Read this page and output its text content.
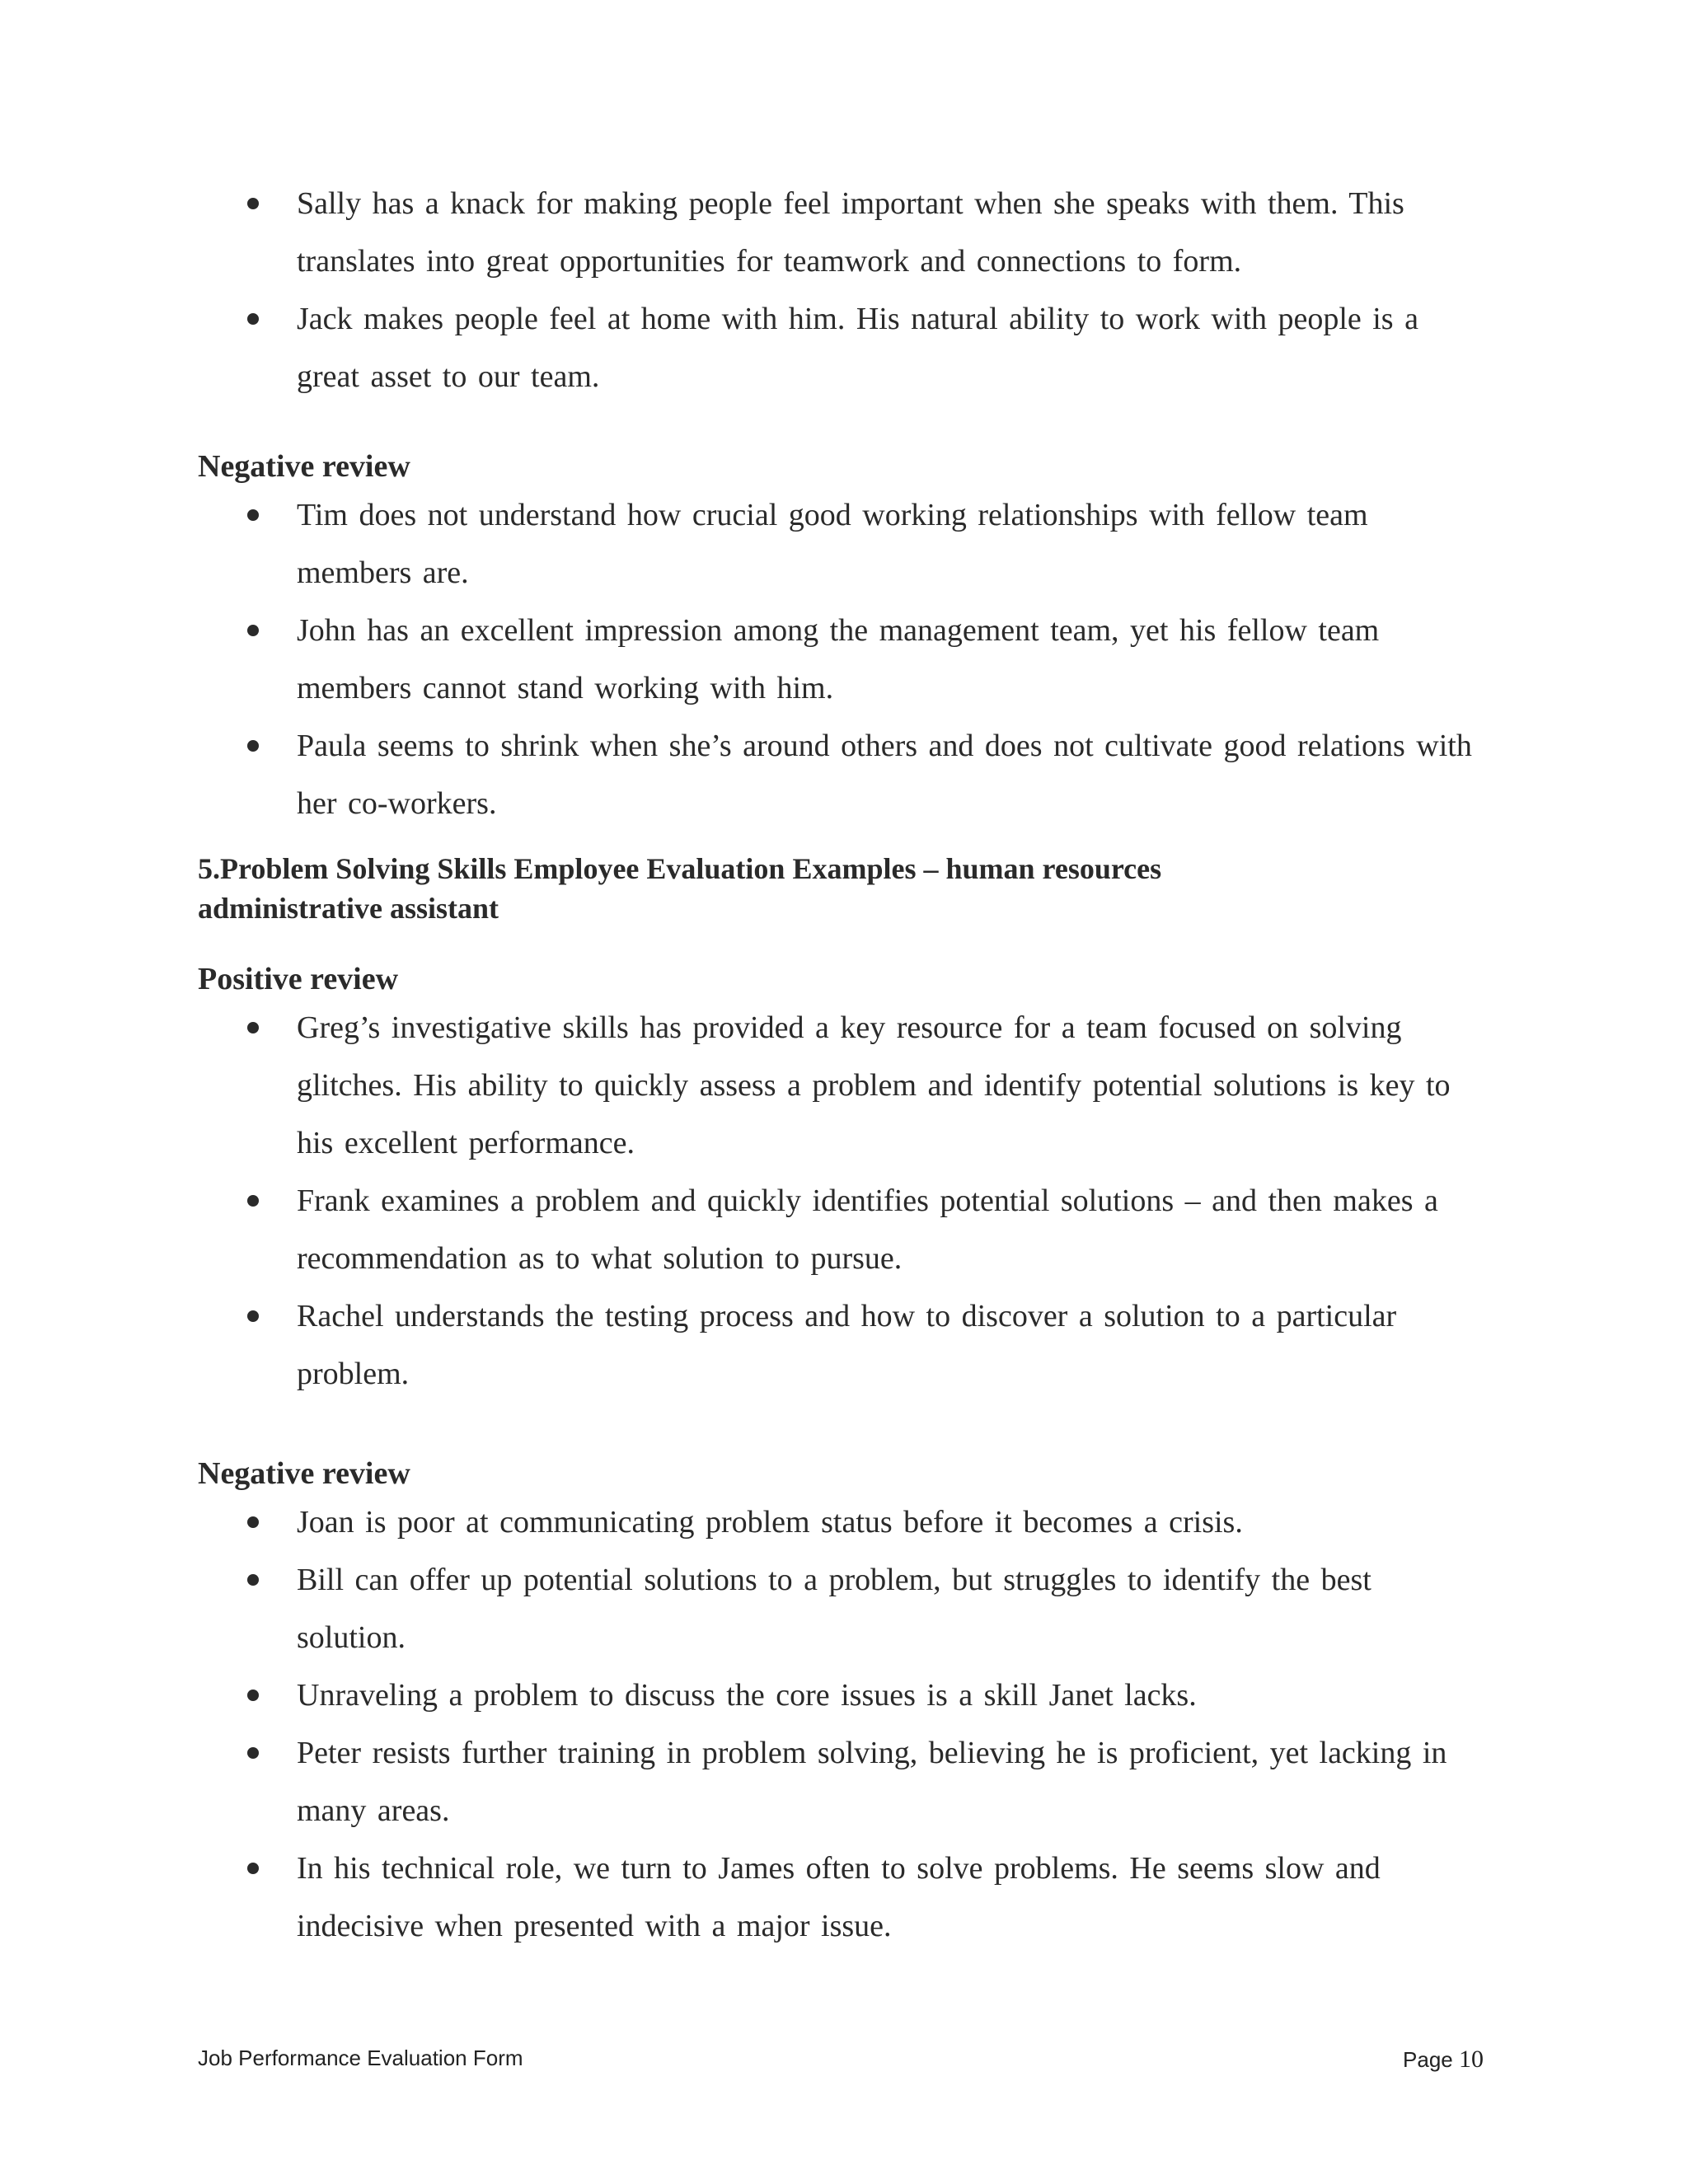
Sally has a knack for making people feel important when she speaks with them. This translates into great opportunities for teamwork and connections to form.
Jack makes people feel at home with him. His natural ability to work with people is a great asset to our team.
Negative review
Tim does not understand how crucial good working relationships with fellow team members are.
John has an excellent impression among the management team, yet his fellow team members cannot stand working with him.
Paula seems to shrink when she’s around others and does not cultivate good relations with her co-workers.
5.Problem Solving Skills Employee Evaluation Examples – human resources administrative assistant
Positive review
Greg’s investigative skills has provided a key resource for a team focused on solving glitches. His ability to quickly assess a problem and identify potential solutions is key to his excellent performance.
Frank examines a problem and quickly identifies potential solutions – and then makes a recommendation as to what solution to pursue.
Rachel understands the testing process and how to discover a solution to a particular problem.
Negative review
Joan is poor at communicating problem status before it becomes a crisis.
Bill can offer up potential solutions to a problem, but struggles to identify the best solution.
Unraveling a problem to discuss the core issues is a skill Janet lacks.
Peter resists further training in problem solving, believing he is proficient, yet lacking in many areas.
In his technical role, we turn to James often to solve problems. He seems slow and indecisive when presented with a major issue.
Job Performance Evaluation Form	Page 10
